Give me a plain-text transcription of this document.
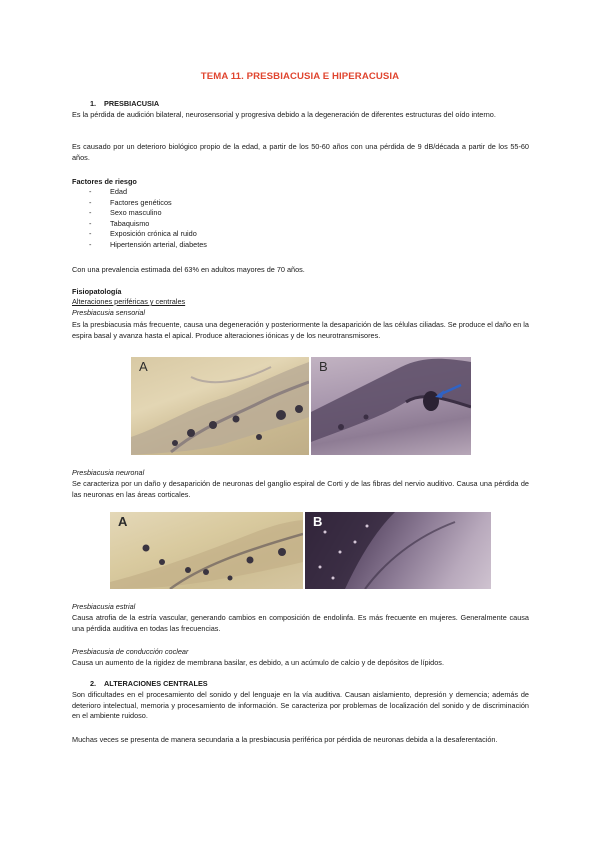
TEMA 11. PRESBIACUSIA E HIPERACUSIA
1. PRESBIACUSIA

Es la pérdida de audición bilateral, neurosensorial y progresiva debido a la degeneración de diferentes estructuras del oído interno.

Es causado por un deterioro biológico propio de la edad, a partir de los 50-60 años con una pérdida de 9 dB/década a partir de los 55-60 años.

Factores de riesgo
- Edad
- Factores genéticos
- Sexo masculino
- Tabaquismo
- Exposición crónica al ruido
- Hipertensión arterial, diabetes

Con una prevalencia estimada del 63% en adultos mayores de 70 años.

Fisiopatología
Alteraciones periféricas y centrales
Presbiacusia sensorial

Es la presbiacusia más frecuente, causa una degeneración y posteriormente la desaparición de las células ciliadas. Se produce el daño en la espira basal y avanza hasta el apical. Produce alteraciones iónicas y de los neurotransmisores.

A	B
Presbiacusia neuronal

Se caracteriza por un daño y desaparición de neuronas del ganglio espiral de Corti y de las fibras del nervio auditivo. Causa una pérdida de las neuronas en las áreas corticales.

A	B
Presbiacusia estrial

Causa atrofia de la estría vascular, generando cambios en composición de endolinfa. Es más frecuente en mujeres. Generalmente causa una pérdida auditiva en todas las frecuencias.

Presbiacusia de conducción coclear

Causa un aumento de la rigidez de membrana basilar, es debido, a un acúmulo de calcio y de depósitos de lípidos.

2. ALTERACIONES CENTRALES

Son dificultades en el procesamiento del sonido y del lenguaje en la vía auditiva. Causan aislamiento, depresión y demencia; además de deterioro intelectual, memoria y procesamiento de información. Se caracteriza por problemas de localización del sonido y de discriminación en el ambiente ruidoso.

Muchas veces se presenta de manera secundaria a la presbiacusia periférica por pérdida de neuronas debida a la desaferentación.
